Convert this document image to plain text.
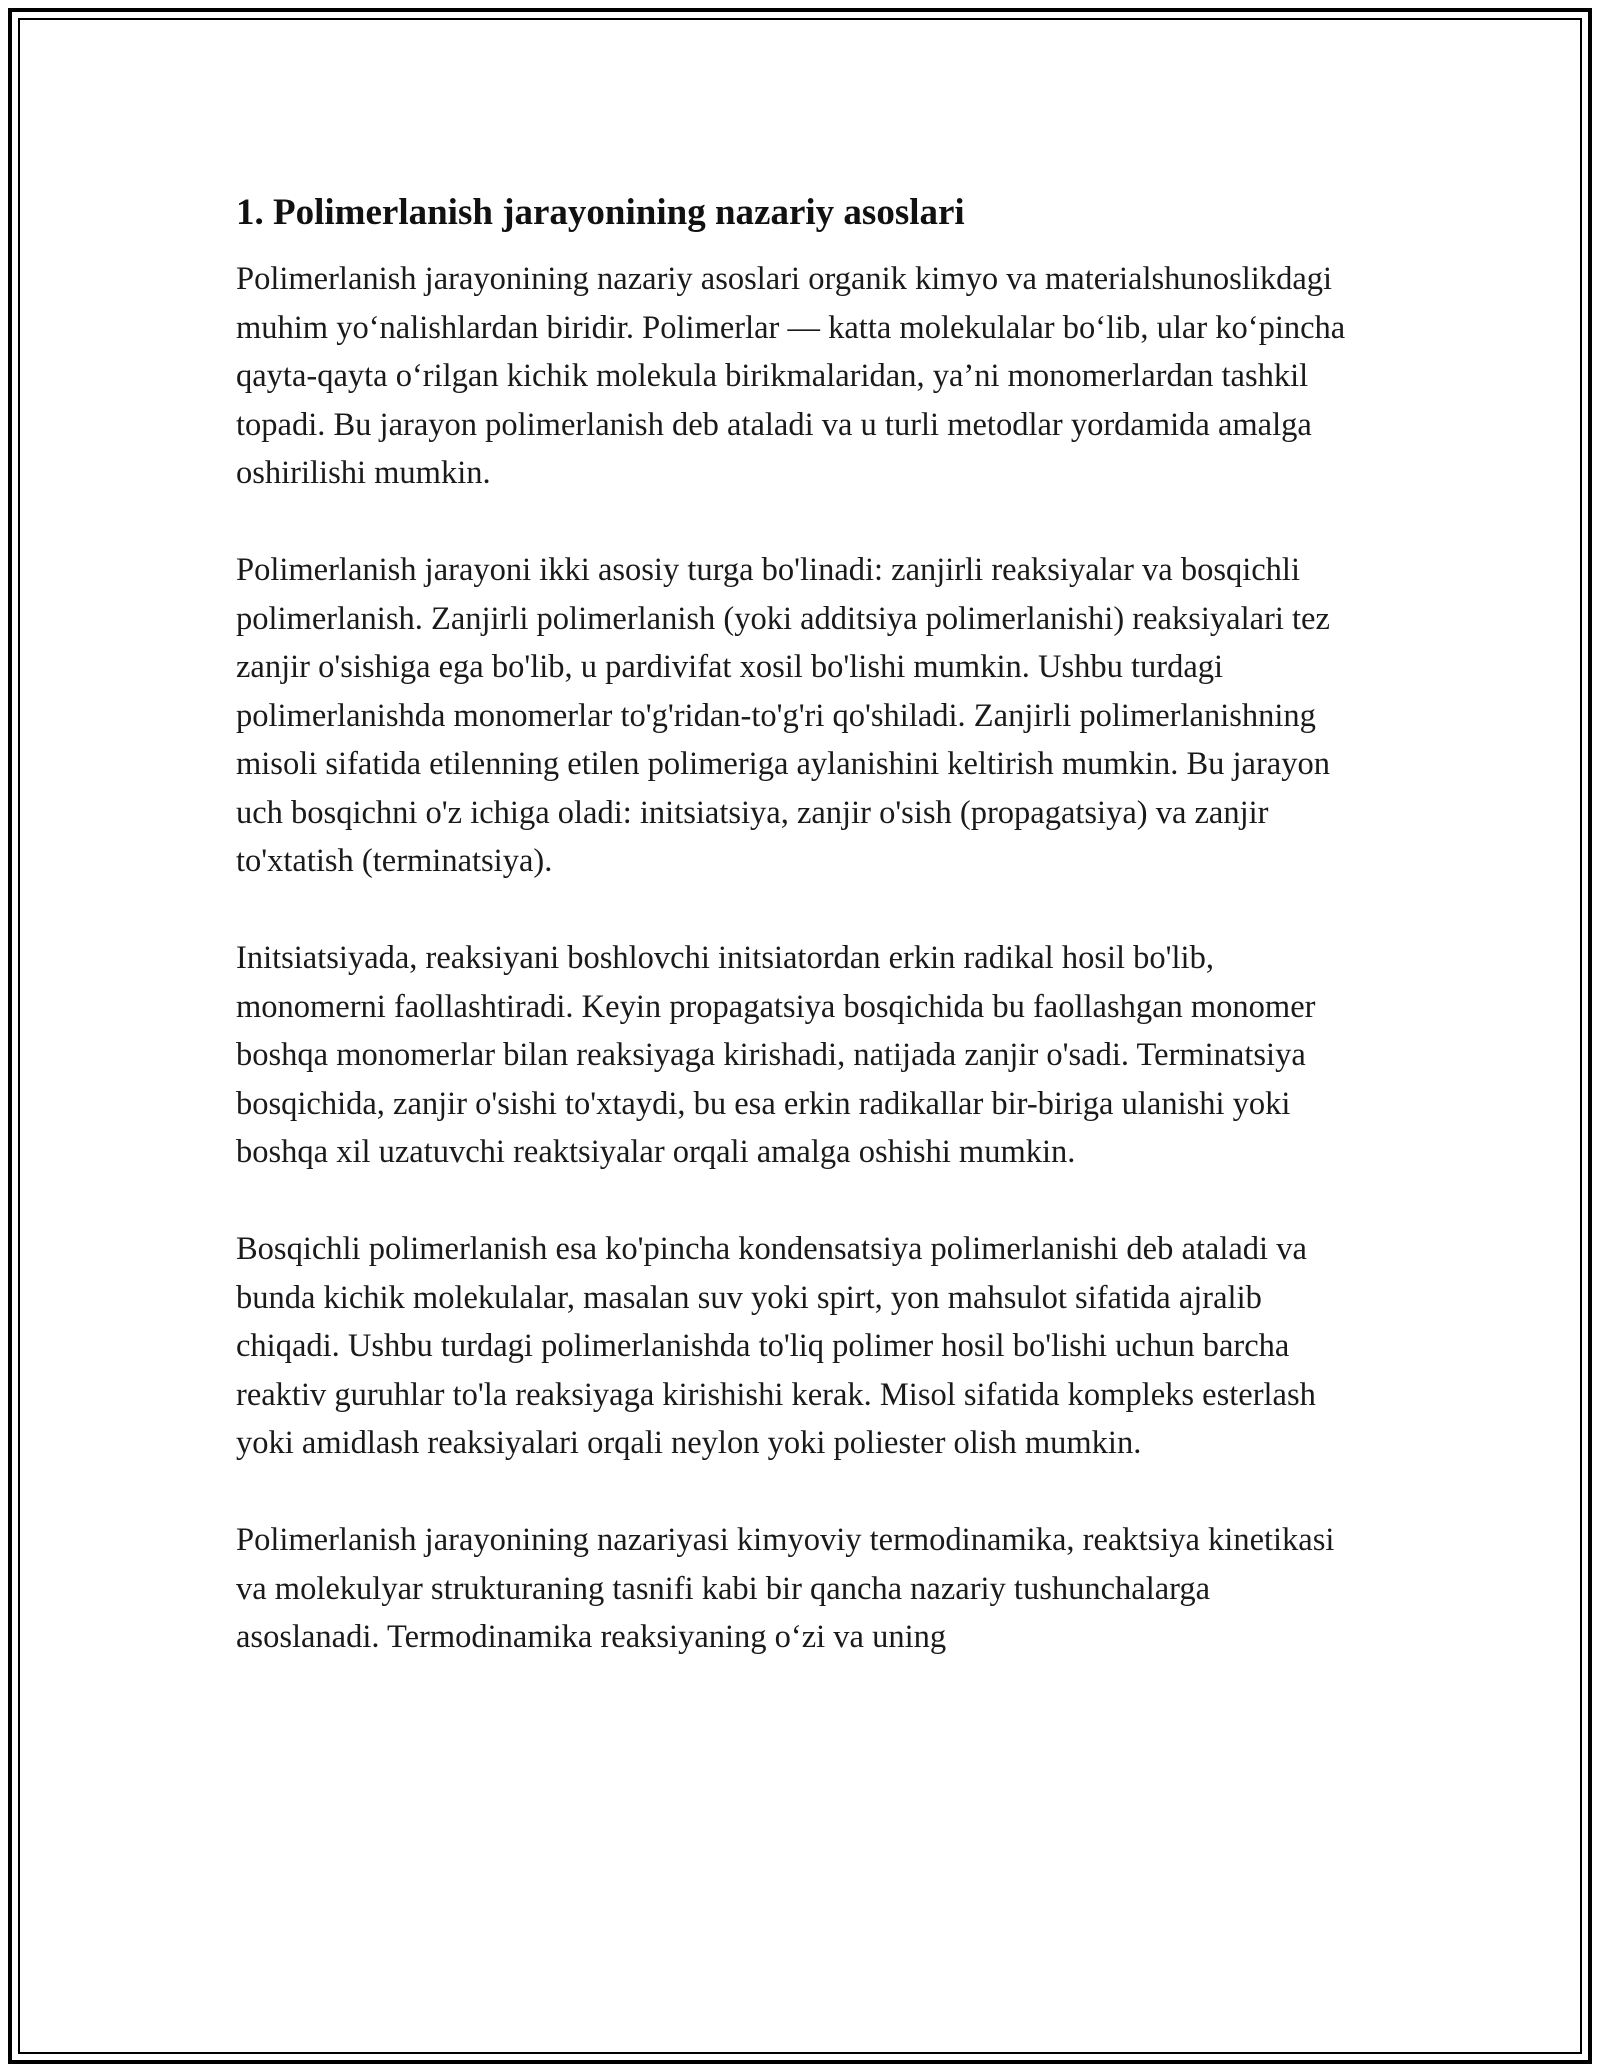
1. Polimerlanish jarayonining nazariy asoslari

Polimerlanish jarayonining nazariy asoslari organik kimyo va materialshunoslikdagi muhim yo‘nalishlardan biridir. Polimerlar — katta molekulalar bo‘lib, ular ko‘pincha qayta-qayta o‘rilgan kichik molekula birikmalaridan, ya’ni monomerlardan tashkil topadi. Bu jarayon polimerlanish deb ataladi va u turli metodlar yordamida amalga oshirilishi mumkin.

Polimerlanish jarayoni ikki asosiy turga bo'linadi: zanjirli reaksiyalar va bosqichli polimerlanish. Zanjirli polimerlanish (yoki additsiya polimerlanishi) reaksiyalari tez zanjir o'sishiga ega bo'lib, u pardivifat xosil bo'lishi mumkin. Ushbu turdagi polimerlanishda monomerlar to'g'ridan-to'g'ri qo'shiladi. Zanjirli polimerlanishning misoli sifatida etilenning etilen polimeriga aylanishini keltirish mumkin. Bu jarayon uch bosqichni o'z ichiga oladi: initsiatsiya, zanjir o'sish (propagatsiya) va zanjir to'xtatish (terminatsiya).

Initsiatsiyada, reaksiyani boshlovchi initsiatordan erkin radikal hosil bo'lib, monomerni faollashtiradi. Keyin propagatsiya bosqichida bu faollashgan monomer boshqa monomerlar bilan reaksiyaga kirishadi, natijada zanjir o'sadi. Terminatsiya bosqichida, zanjir o'sishi to'xtaydi, bu esa erkin radikallar bir-biriga ulanishi yoki boshqa xil uzatuvchi reaktsiyalar orqali amalga oshishi mumkin.

Bosqichli polimerlanish esa ko'pincha kondensatsiya polimerlanishi deb ataladi va bunda kichik molekulalar, masalan suv yoki spirt, yon mahsulot sifatida ajralib chiqadi. Ushbu turdagi polimerlanishda to'liq polimer hosil bo'lishi uchun barcha reaktiv guruhlar to'la reaksiyaga kirishishi kerak. Misol sifatida kompleks esterlash yoki amidlash reaksiyalari orqali neylon yoki poliester olish mumkin.

Polimerlanish jarayonining nazariyasi kimyoviy termodinamika, reaktsiya kinetikasi va molekulyar strukturaning tasnifi kabi bir qancha nazariy tushunchalarga asoslanadi. Termodinamika reaksiyaning o‘zi va uning
